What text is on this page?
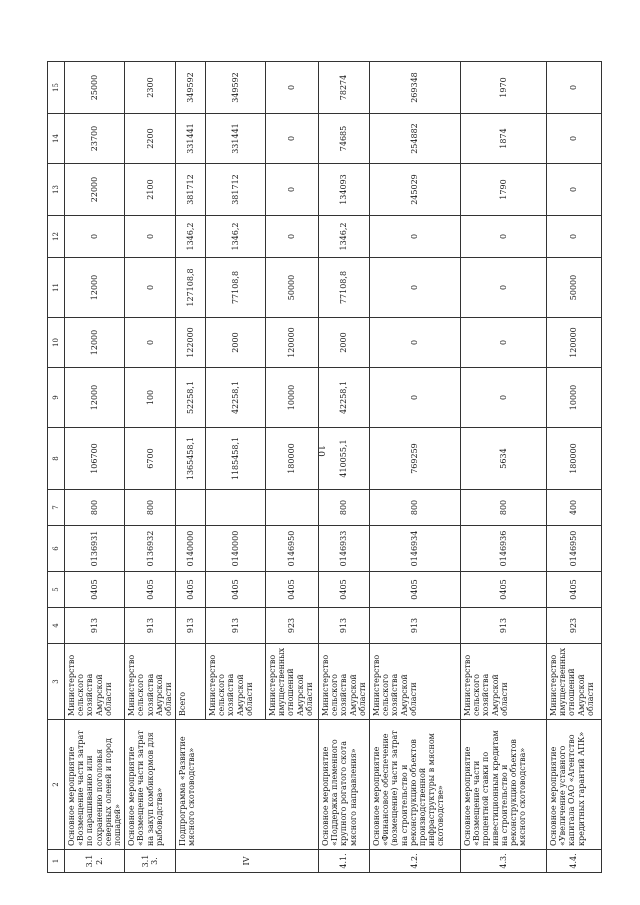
10
1	2	3	4	5	6	7	8	9	10	11	12	13	14	15
3.12.	Основное мероприятие «Возмещение части затрат по парашиванию или сохранению поголовья северных оленей и пород лошадей»	Министерство сельского хозяйства Амурской области	913	0405	0136931	800	106700	12000	12000	12000	0	22000	23700	25000
3.13.	Основное мероприятие «Возмещение части затрат на закуп комбикормов для рыбоводства»	Министерство сельского хозяйства Амурской области	913	0405	0136932	800	6700	100	0	0	0	2100	2200	2300
IV	Подпрограмма «Развитие мясного скотоводства»	Всего	913	0405	0140000		1365458,1	52258,1	122000	127108,8	1346,2	381712	331441	349592
		Министерство сельского хозяйства Амурской области	913	0405	0140000		1185458,1	42258,1	2000	77108,8	1346,2	381712	331441	349592
		Министерство имущественных отношений Амурской области	923	0405	0146950		180000	10000	120000	50000	0	0	0	0
4.1.	Основное мероприятие «Поддержка племенного крупного рогатого скота мясного направления»	Министерство сельского хозяйства Амурской области	913	0405	0146933	800	410055,1	42258,1	2000	77108,8	1346,2	134093	74685	78274
4.2.	Основное мероприятие «Финансовое обеспечение (возмещение) части затрат на строительство и реконструкцию объектов производственной инфраструктуры в мясном скотоводстве»	Министерство сельского хозяйства Амурской области	913	0405	0146934	800	769259	0	0	0	0	245029	254882	269348
4.3.	Основное мероприятие «Возмещение части процентной ставки по инвестиционным кредитам на строительство и реконструкцию объектов мясного скотоводства»	Министерство сельского хозяйства Амурской области	913	0405	0146936	800	5634	0	0	0	0	1790	1874	1970
4.4.	Основное мероприятие «Увеличение уставного капитала ОАО «Агентство кредитных гарантий АПК»	Министерство имущественных отношений Амурской области	923	0405	0146950	400	180000	10000	120000	50000	0	0	0	0
